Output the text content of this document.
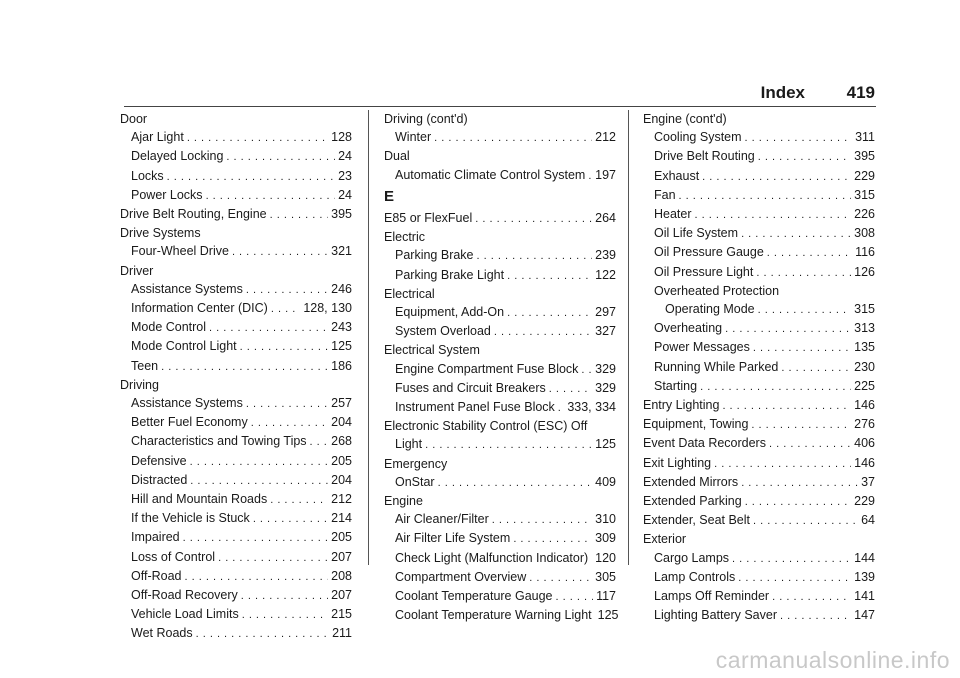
Index 419
Door
Ajar Light . . .	128
Delayed Locking . . .	24
Locks . . .	23
Power Locks . . .	24
Drive Belt Routing, Engine . . .	395
Drive Systems
Four-Wheel Drive . . .	321
Driver
Assistance Systems . . .	246
Information Center (DIC) . . .	128, 130
Mode Control . . .	243
Mode Control Light . . .	125
Teen . . .	186
Driving
Assistance Systems . . .	257
Better Fuel Economy . . .	204
Characteristics and Towing Tips . . . 268
Defensive . . .	205
Distracted . . .	204
Hill and Mountain Roads . . .	212
If the Vehicle is Stuck . . .	214
Impaired . . .	205
Loss of Control . . .	207
Off-Road . . .	208
Off-Road Recovery . . .	207
Vehicle Load Limits . . .	215
Wet Roads . . .	211
Driving (cont'd)
Winter . . .	212
Dual
Automatic Climate Control System . . . 197
E
E85 or FlexFuel . . .	264
Electric
Parking Brake . . .	239
Parking Brake Light . . .	122
Electrical
Equipment, Add-On . . .	297
System Overload . . .	327
Electrical System
Engine Compartment Fuse Block . . . 329
Fuses and Circuit Breakers . . .	329
Instrument Panel Fuse Block . . . 333, 334
Electronic Stability Control (ESC) Off
Light . . .	125
Emergency
OnStar . . .	409
Engine
Air Cleaner/Filter . . .	310
Air Filter Life System . . .	309
Check Light (Malfunction Indicator) . . . 120
Compartment Overview . . .	305
Coolant Temperature Gauge . . .	117
Coolant Temperature Warning Light 125
Engine (cont'd)
Cooling System . . .	311
Drive Belt Routing . . .	395
Exhaust . . .	229
Fan . . .	315
Heater . . .	226
Oil Life System . . .	308
Oil Pressure Gauge . . .	116
Oil Pressure Light . . .	126
Overheated Protection
Operating Mode . . .	315
Overheating . . .	313
Power Messages . . .	135
Running While Parked . . .	230
Starting . . .	225
Entry Lighting . . .	146
Equipment, Towing . . .	276
Event Data Recorders . . .	406
Exit Lighting . . .	146
Extended Mirrors . . .	37
Extended Parking . . .	229
Extender, Seat Belt . . .	64
Exterior
Cargo Lamps . . .	144
Lamp Controls . . .	139
Lamps Off Reminder . . .	141
Lighting Battery Saver . . .	147
carmanualsonline.info
